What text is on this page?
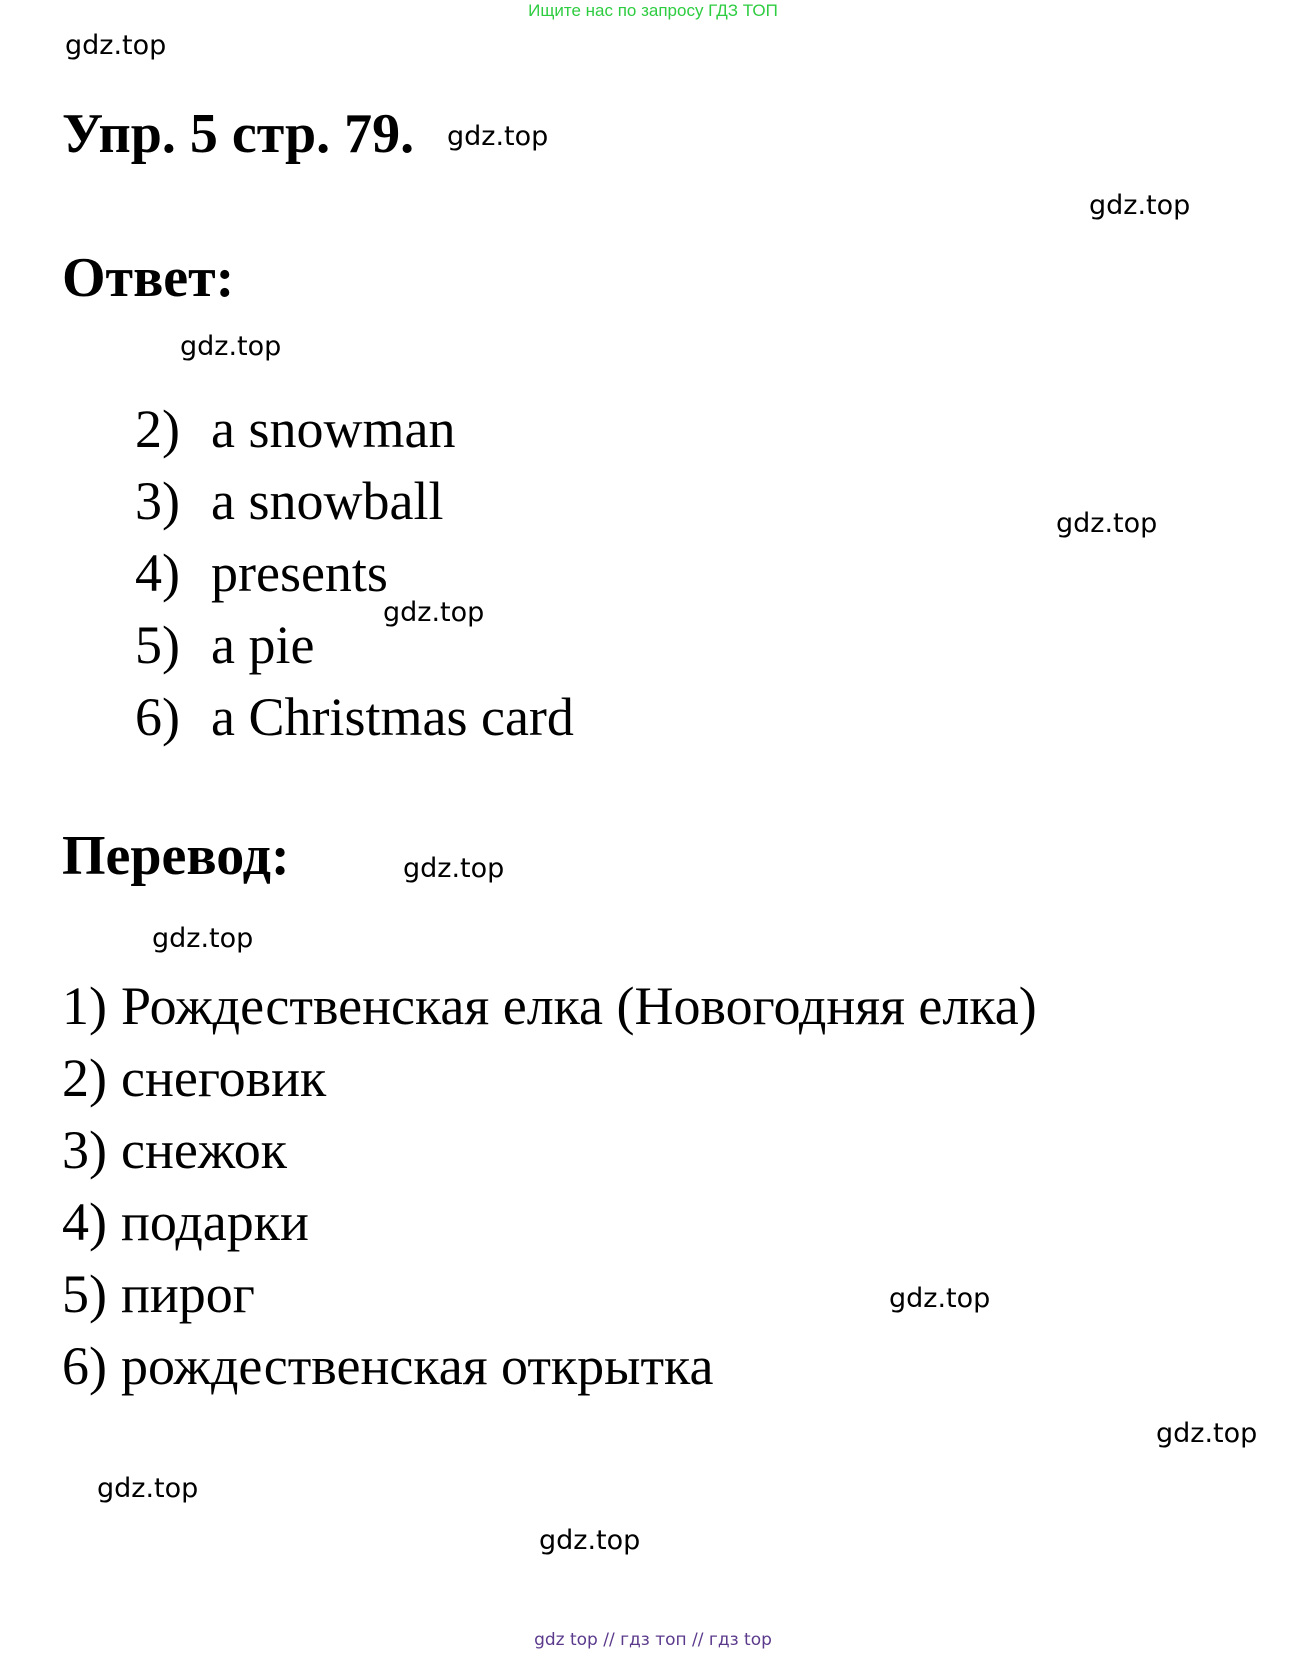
Ищите нас по запросу ГДЗ ТОП
gdz.top
Упр. 5 стр. 79. gdz.top
gdz.top
Ответ:
gdz.top
2) a snowman
3) a snowball
4) presents
5) a pie
6) a Christmas card
gdz.top
gdz.top
Перевод:	gdz.top
gdz.top
1) Рождественская елка (Новогодняя елка)
2) снеговик
3) снежок
4) подарки
5) пирог
6) рождественская открытка
gdz.top
gdz.top
gdz.top
gdz.top
gdz top // гдз топ // гдз top
